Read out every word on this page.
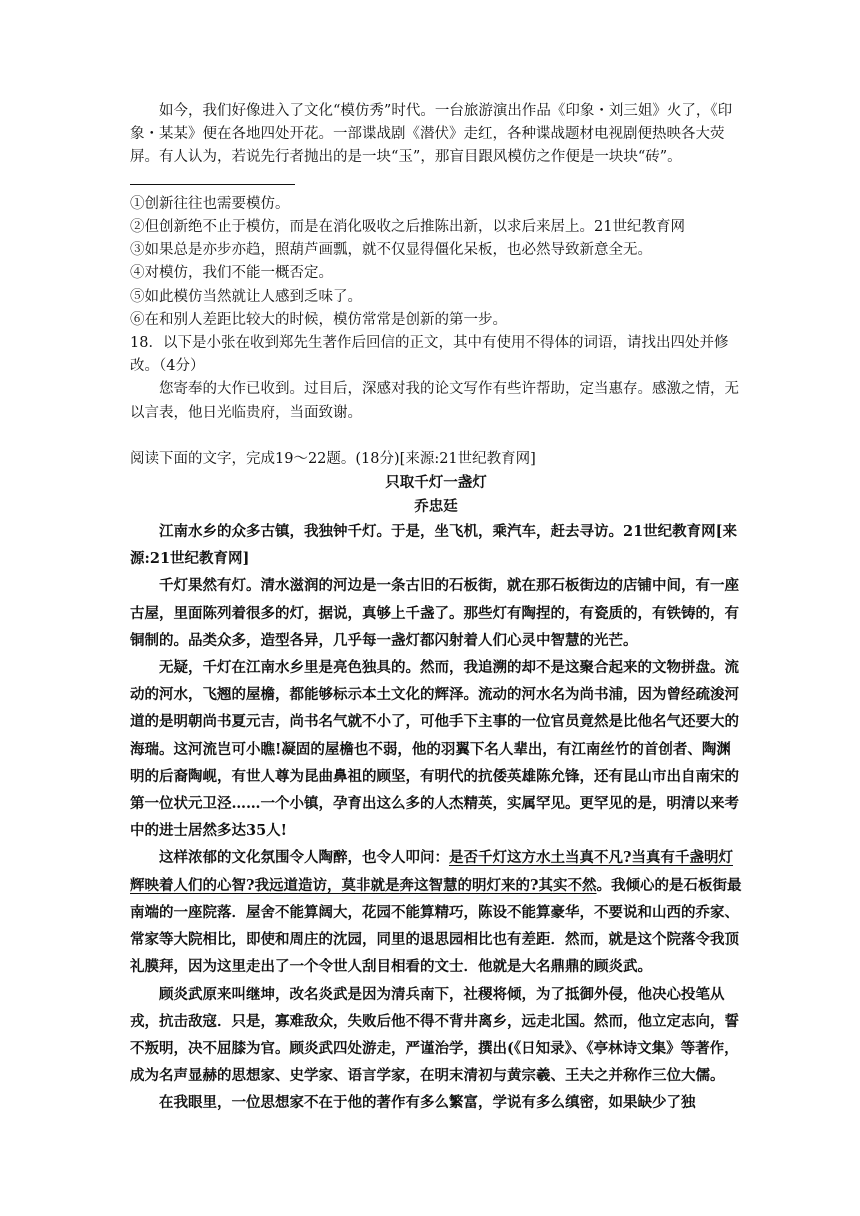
如今，我们好像进入了文化“模仿秀”时代。一台旅游演出作品《印象・刘三姐》火了，《印象・某某》便在各地四处开花。一部谍战剧《潜伏》走红，各种谍战题材电视剧便热映各大荧屏。有人认为，若说先行者抛出的是一块“玉”，那盲目跟风模仿之作便是一块块“砖”。

①创新往往也需要模仿。

②但创新绝不止于模仿，而是在消化吸收之后推陈出新，以求后来居上。21世纪教育网

③如果总是亦步亦趋，照葫芦画瓢，就不仅显得僵化呆板，也必然导致新意全无。

④对模仿，我们不能一概否定。

⑤如此模仿当然就让人感到乏味了。

⑥在和别人差距比较大的时候，模仿常常是创新的第一步。

18．以下是小张在收到郑先生著作后回信的正文，其中有使用不得体的词语，请找出四处并修改。（4分）

您寄奉的大作已收到。过目后，深感对我的论文写作有些许帮助，定当惠存。感激之情，无以言表，他日光临贵府，当面致谢。

阅读下面的文字，完成19～22题。(18分)[来源:21世纪教育网]

只取千灯一盏灯

乔忠廷

江南水乡的众多古镇，我独钟千灯。于是，坐飞机，乘汽车，赶去寻访。21世纪教育网[来源:21世纪教育网]

千灯果然有灯。清水滋润的河边是一条古旧的石板街，就在那石板街边的店铺中间，有一座古屋，里面陈列着很多的灯，据说，真够上千盏了。那些灯有陶捏的，有瓷质的，有铁铸的，有铜制的。品类众多，造型各异，几乎每一盏灯都闪射着人们心灵中智慧的光芒。

无疑，千灯在江南水乡里是亮色独具的。然而，我追溯的却不是这聚合起来的文物拼盘。流动的河水，飞翘的屋檐，都能够标示本土文化的辉泽。流动的河水名为尚书浦，因为曾经疏浚河道的是明朝尚书夏元吉，尚书名气就不小了，可他手下主事的一位官员竟然是比他名气还要大的海瑞。这河流岂可小瞧!凝固的屋檐也不弱，他的羽翼下名人辈出，有江南丝竹的首创者、陶渊明的后裔陶岘，有世人尊为昆曲鼻祖的顾坚，有明代的抗倭英雄陈允锋，还有昆山市出自南宋的第一位状元卫泾……一个小镇，孕育出这么多的人杰精英，实属罕见。更罕见的是，明清以来考中的进士居然多达35人!

这样浓郁的文化氛围令人陶醉，也令人叩问：是否千灯这方水土当真不凡?当真有千盏明灯辉映着人们的心智?我远道造访，莫非就是奔这智慧的明灯来的?其实不然。我倾心的是石板街最南端的一座院落．屋舍不能算阔大，花园不能算精巧，陈设不能算豪华，不要说和山西的乔家、常家等大院相比，即使和周庄的沈园，同里的退思园相比也有差距．然而，就是这个院落令我顶礼膜拜，因为这里走出了一个令世人刮目相看的文士．他就是大名鼎鼎的顾炎武。

顾炎武原来叫继坤，改名炎武是因为清兵南下，社稷将倾，为了抵御外侵，他决心投笔从戎，抗击敌寇．只是，寡难敌众，失败后他不得不背井离乡，远走北国。然而，他立定志向，誓不叛明，决不屈膝为官。顾炎武四处游走，严谨治学，撰出(《日知录》、《亭林诗文集》等著作，成为名声显赫的思想家、史学家、语言学家，在明末清初与黄宗羲、王夫之并称作三位大儒。

在我眼里，一位思想家不在于他的著作有多么繁富，学说有多么缜密，如果缺少了独
